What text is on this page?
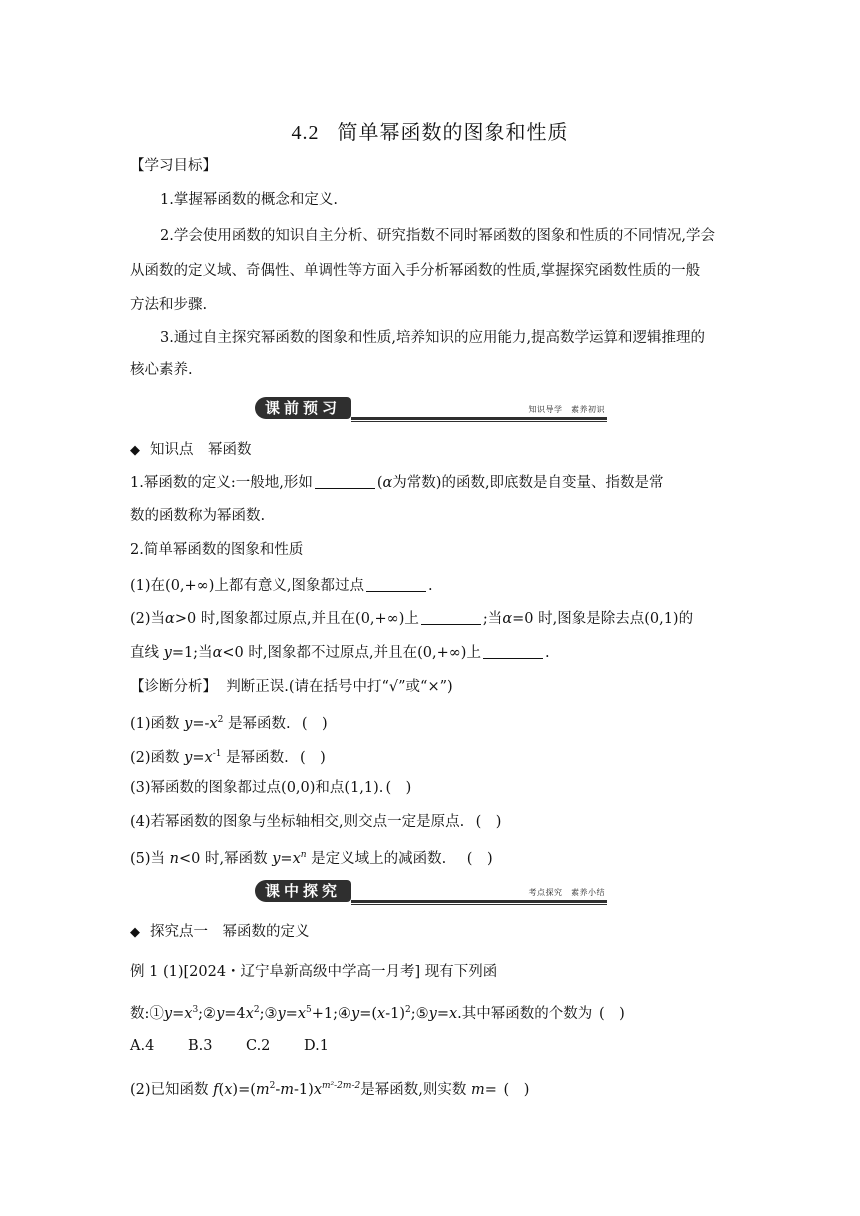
4.2 简单幂函数的图象和性质
【学习目标】
1.掌握幂函数的概念和定义.
2.学会使用函数的知识自主分析、研究指数不同时幂函数的图象和性质的不同情况,学会
从函数的定义域、奇偶性、单调性等方面入手分析幂函数的性质,掌握探究函数性质的一般
方法和步骤.
3.通过自主探究幂函数的图象和性质,培养知识的应用能力,提高数学运算和逻辑推理的
核心素养.
课前预习	知识导学　素养初识
◆ 知识点　幂函数
1.幂函数的定义:一般地,形如	(α为常数)的函数,即底数是自变量、指数是常
数的函数称为幂函数.
2.简单幂函数的图象和性质
(1)在(0,+∞)上都有意义,图象都过点	.
(2)当α>0 时,图象都过原点,并且在(0,+∞)上	;当α=0 时,图象是除去点(0,1)的
直线 y=1;当α<0 时,图象都不过原点,并且在(0,+∞)上	.
【诊断分析】 判断正误.(请在括号中打“√”或“×”)
(1)函数 $y=-x^2$ 是幂函数. (　)
(2)函数 $y=x^{-1}$ 是幂函数. (　)
(3)幂函数的图象都过点(0,0)和点(1,1). (　)
(4)若幂函数的图象与坐标轴相交,则交点一定是原点. (　)
(5)当 n<0 时,幂函数 $y=x^n$ 是定义域上的减函数. (　)
课中探究	考点探究　素养小结
◆ 探究点一　幂函数的定义
例 1 (1)[2024・辽宁阜新高级中学高一月考] 现有下列函
数$:①y=x^3;②y=4x^2;③y=x^5+1;④y=(x-1)^2;⑤y=x$.其中幂函数的个数为 (　)
A.4 B.3 C.2 D.1
(2)已知函数 $f(x)=(m^2-m-1)x^{m^2-2m-2}$是幂函数,则实数 m= (　)
